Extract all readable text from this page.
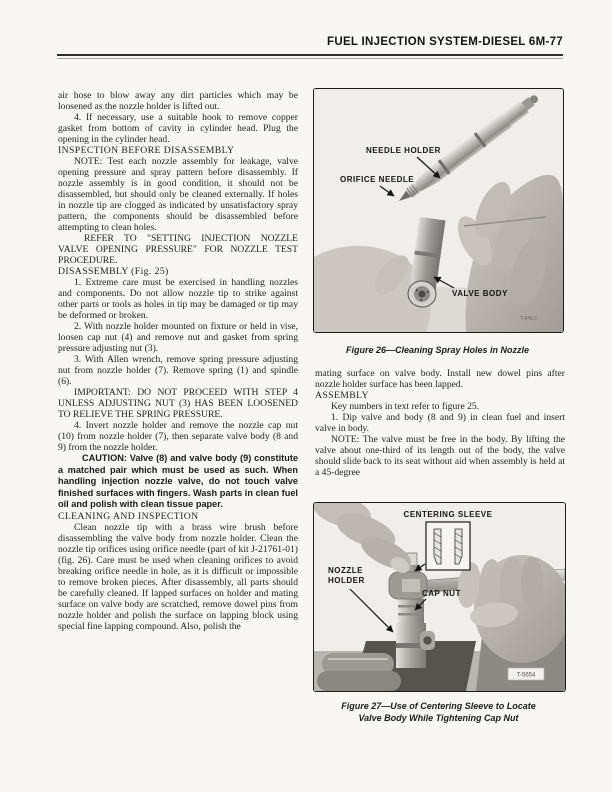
FUEL INJECTION SYSTEM-DIESEL 6M-77

air hose to blow away any dirt particles which may be loosened as the nozzle holder is lifted out.

4. If necessary, use a suitable hook to remove copper gasket from bottom of cavity in cylinder head. Plug the opening in the cylinder head.

INSPECTION BEFORE DISASSEMBLY

NOTE: Test each nozzle assembly for leakage, valve opening pressure and spray pattern before disassembly. If nozzle assembly is in good condition, it should not be disassembled, but should only be cleaned externally. If holes in nozzle tip are clogged as indicated by unsatisfactory spray pattern, the components should be disassembled before attempting to clean holes.

REFER TO "SETTING INJECTION NOZZLE VALVE OPENING PRESSURE" FOR NOZZLE TEST PROCEDURE.

DISASSEMBLY (Fig. 25)

1. Extreme care must be exercised in handling nozzles and components. Do not allow nozzle tip to strike against other parts or tools as holes in tip may be damaged or tip may be deformed or broken.

2. With nozzle holder mounted on fixture or held in vise, loosen cap nut (4) and remove nut and gasket from spring pressure adjusting nut (3).

3. With Allen wrench, remove spring pressure adjusting nut from nozzle holder (7). Remove spring (1) and spindle (6).

IMPORTANT: DO NOT PROCEED WITH STEP 4 UNLESS ADJUSTING NUT (3) HAS BEEN LOOSENED TO RELIEVE THE SPRING PRESSURE.

4. Invert nozzle holder and remove the nozzle cap nut (10) from nozzle holder (7), then separate valve body (8 and 9) from the nozzle holder.

CAUTION: Valve (8) and valve body (9) constitute a matched pair which must be used as such. When handling injection nozzle valve, do not touch valve finished surfaces with fingers. Wash parts in clean fuel oil and polish with clean tissue paper.

CLEANING AND INSPECTION

Clean nozzle tip with a brass wire brush before disassembling the valve body from nozzle holder. Clean the nozzle tip orifices using orifice needle (part of kit J-21761-01) (fig. 26). Care must be used when cleaning orifices to avoid breaking orifice needle in hole, as it is difficult or impossible to remove broken pieces. After disassembly, all parts should be carefully cleaned. If lapped surfaces on holder and mating surface on valve body are scratched, remove dowel pins from nozzle holder and polish the surface on lapping block using special fine lapping compound. Also, polish the

NEEDLE HOLDER
ORIFICE NEEDLE
VALVE BODY
T-840-1
Figure 26—Cleaning Spray Holes in Nozzle

mating surface on valve body. Install new dowel pins after nozzle holder surface has been lapped.

ASSEMBLY

Key numbers in text refer to figure 25.

1. Dip valve and body (8 and 9) in clean fuel and insert valve in body.

NOTE: The valve must be free in the body. By lifting the valve about one-third of its length out of the body, the valve should slide back to its seat without aid when assembly is held at a 45-degree

CENTERING SLEEVE
NOZZLE
HOLDER
CAP NUT
T-5654
Figure 27—Use of Centering Sleeve to Locate
Valve Body While Tightening Cap Nut
